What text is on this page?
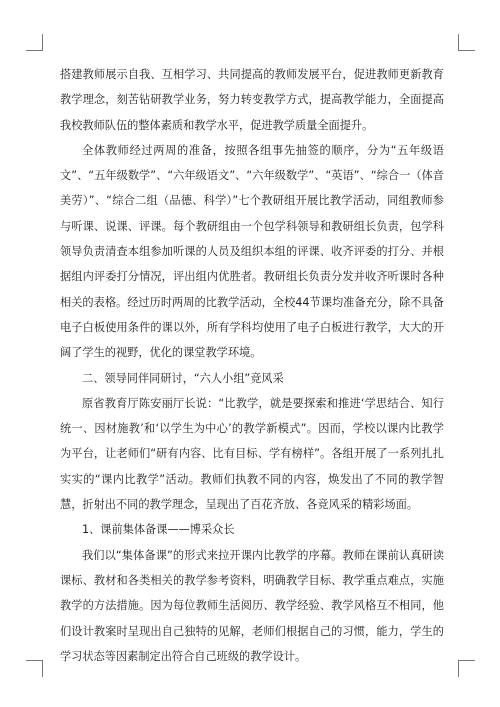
搭建教师展示自我、互相学习、共同提高的教师发展平台，促进教师更新教育教学理念，刻苦钻研教学业务，努力转变教学方式，提高教学能力，全面提高我校教师队伍的整体素质和教学水平，促进教学质量全面提升。

全体教师经过两周的准备，按照各组事先抽签的顺序，分为“五年级语文”、“五年级数学”、“六年级语文”、“六年级数学”、“英语”、“综合一（体音美劳）”、“综合二组（品德、科学）”七个教研组开展比教学活动，同组教师参与听课、说课、评课。每个教研组由一个包学科领导和教研组长负责，包学科领导负责清查本组参加听课的人员及组织本组的评课、收齐评委的打分、并根据组内评委打分情况，评出组内优胜者。教研组长负责分发并收齐听课时各种相关的表格。经过历时两周的比教学活动，全校44节课均准备充分，除不具备电子白板使用条件的课以外，所有学科均使用了电子白板进行教学，大大的开阔了学生的视野，优化的课堂教学环境。

二、领导同伴同研讨，“六人小组”竞风采

原省教育厅陈安丽厅长说：“比教学，就是要探索和推进‘学思结合、知行统一、因材施教’和‘以学生为中心’的教学新模式”。因而，学校以课内比教学为平台，让老师们“研有内容、比有目标、学有榜样”。各组开展了一系列扎扎实实的“课内比教学”活动。教师们执教不同的内容，焕发出了不同的教学智慧，折射出不同的教学理念，呈现出了百花齐放、各竞风采的精彩场面。

1、课前集体备课——博采众长

我们以“集体备课”的形式来拉开课内比教学的序幕。教师在课前认真研读课标、教材和各类相关的教学参考资料，明确教学目标、教学重点难点，实施教学的方法措施。因为每位教师生活阅历、教学经验、教学风格互不相同，他们设计教案时呈现出自己独特的见解，老师们根据自己的习惯，能力，学生的学习状态等因素制定出符合自己班级的教学设计。
